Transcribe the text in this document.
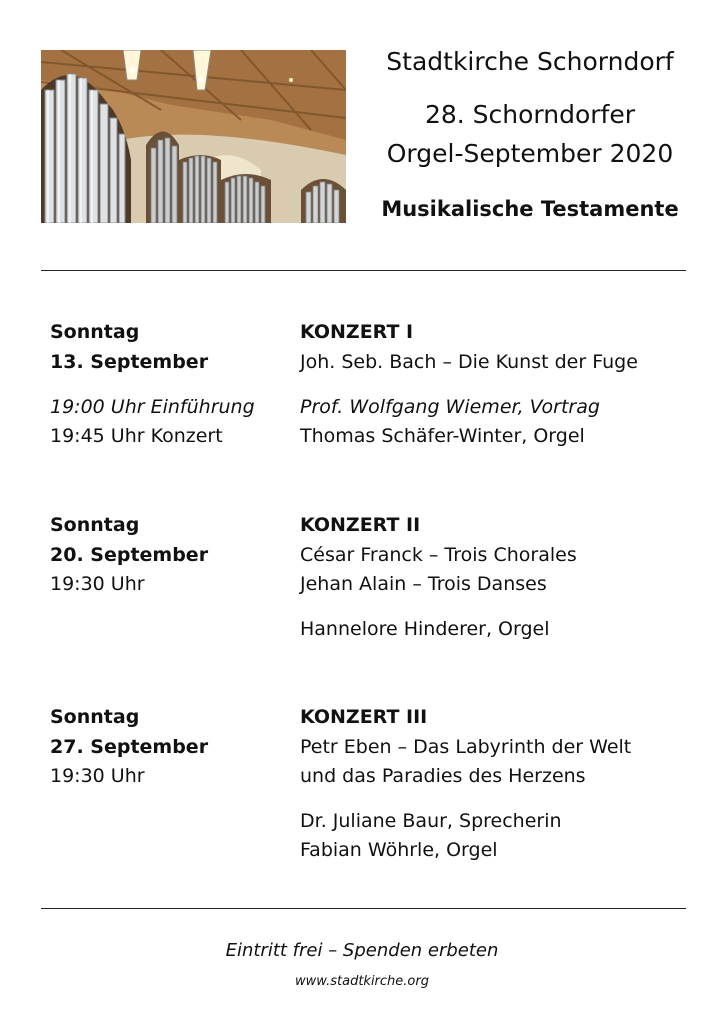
Stadtkirche Schorndorf
28. Schorndorfer
Orgel-September 2020
Musikalische Testamente
Sonntag
13. September
19:00 Uhr Einführung
19:45 Uhr Konzert
KONZERT I
Joh. Seb. Bach – Die Kunst der Fuge
Prof. Wolfgang Wiemer, Vortrag
Thomas Schäfer-Winter, Orgel
Sonntag
20. September
19:30 Uhr
KONZERT II
César Franck – Trois Chorales
Jehan Alain – Trois Danses
Hannelore Hinderer, Orgel
Sonntag
27. September
19:30 Uhr
KONZERT III
Petr Eben – Das Labyrinth der Welt
und das Paradies des Herzens
Dr. Juliane Baur, Sprecherin
Fabian Wöhrle, Orgel
Eintritt frei – Spenden erbeten
www.stadtkirche.org
